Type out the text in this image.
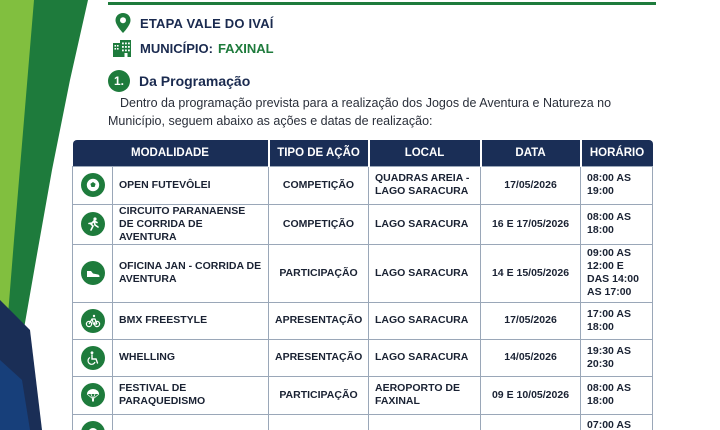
ETAPA VALE DO IVAÍ
MUNICÍPIO: FAXINAL
1.	Da Programação

Dentro da programação prevista para a realização dos Jogos de Aventura e Natureza no Município, seguem abaixo as ações e datas de realização:

MODALIDADE		TIPO DE AÇÃO	LOCAL	DATA	HORÁRIO

	OPEN FUTEVÔLEI	COMPETIÇÃO	QUADRAS AREIA - LAGO SARACURA	17/05/2026	08:00 AS 19:00

	CIRCUITO PARANAENSE DE CORRIDA DE AVENTURA	COMPETIÇÃO	LAGO SARACURA	16 E 17/05/2026	08:00 AS 18:00

	OFICINA JAN - CORRIDA DE AVENTURA	PARTICIPAÇÃO	LAGO SARACURA	14 E 15/05/2026	09:00 AS 12:00 E DAS 14:00 AS 17:00

	BMX FREESTYLE	APRESENTAÇÃO	LAGO SARACURA	17/05/2026	17:00 AS 18:00

	WHELLING	APRESENTAÇÃO	LAGO SARACURA	14/05/2026	19:30 AS 20:30

	FESTIVAL DE PARAQUEDISMO	PARTICIPAÇÃO	AEROPORTO DE FAXINAL	09 E 10/05/2026	08:00 AS 18:00

					07:00 AS
